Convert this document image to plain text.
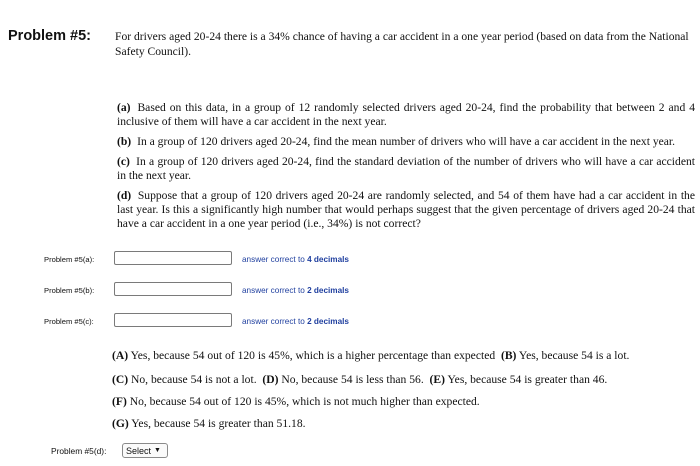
Problem #5: For drivers aged 20-24 there is a 34% chance of having a car accident in a one year period (based on data from the National Safety Council).
(a) Based on this data, in a group of 12 randomly selected drivers aged 20-24, find the probability that between 2 and 4 inclusive of them will have a car accident in the next year.
(b) In a group of 120 drivers aged 20-24, find the mean number of drivers who will have a car accident in the next year.
(c) In a group of 120 drivers aged 20-24, find the standard deviation of the number of drivers who will have a car accident in the next year.
(d) Suppose that a group of 120 drivers aged 20-24 are randomly selected, and 54 of them have had a car accident in the last year. Is this a significantly high number that would perhaps suggest that the given percentage of drivers aged 20-24 that have a car accident in a one year period (i.e., 34%) is not correct?
Problem #5(a):	answer correct to 4 decimals
Problem #5(b):	answer correct to 2 decimals
Problem #5(c):	answer correct to 2 decimals
(A) Yes, because 54 out of 120 is 45%, which is a higher percentage than expected (B) Yes, because 54 is a lot.
(C) No, because 54 is not a lot. (D) No, because 54 is less than 56. (E) Yes, because 54 is greater than 46.
(F) No, because 54 out of 120 is 45%, which is not much higher than expected.
(G) Yes, because 54 is greater than 51.18.
Problem #5(d): Select ▼
